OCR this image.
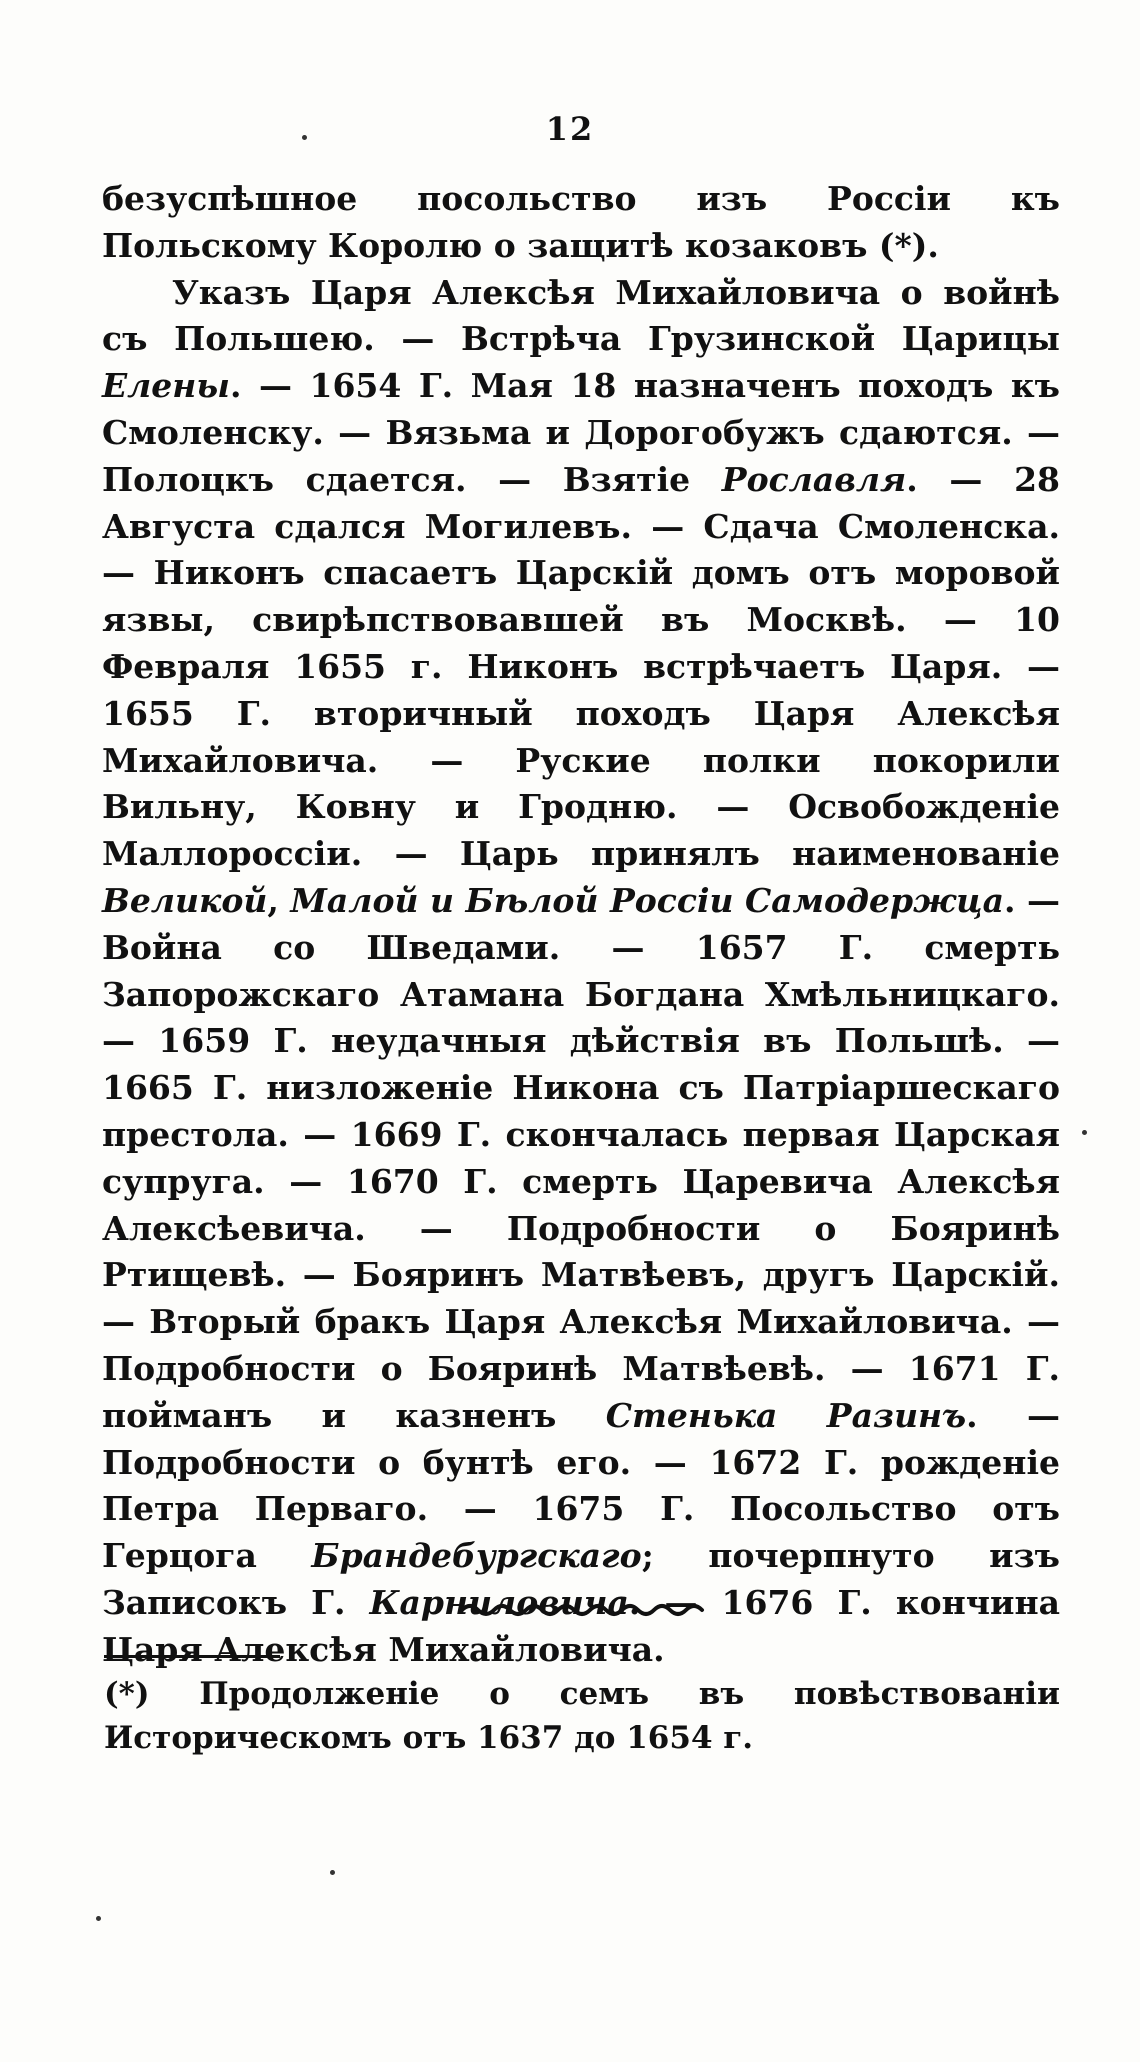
12

безуспѣшное посольство изъ Россіи къ Польскому Королю о защитѣ козаковъ (*).

Указъ Царя Алексѣя Михайловича о войнѣ съ Польшею. — Встрѣча Грузинской Царицы Елены. — 1654 Г. Мая 18 назначенъ походъ къ Смоленску. — Вязьма и Дорогобужъ сдаются. — Полоцкъ сдается. — Взятіе Рославля. — 28 Августа сдался Могилевъ. — Сдача Смоленска. — Никонъ спасаетъ Царскій домъ отъ моровой язвы, свирѣпствовавшей въ Москвѣ. — 10 Февраля 1655 г. Никонъ встрѣчаетъ Царя. — 1655 Г. вторичный походъ Царя Алексѣя Михайловича. — Руские полки покорили Вильну, Ковну и Гродню. — Освобожденіе Маллороссіи. — Царь принялъ наименованіе Великой, Малой и Бѣлой Россіи Самодержца. — Война со Шведами. — 1657 Г. смерть Запорожскаго Атамана Богдана Хмѣльницкаго. — 1659 Г. неудачныя дѣйствія въ Польшѣ. — 1665 Г. низложеніе Никона съ Патріаршескаго престола. — 1669 Г. скончалась первая Царская супруга. — 1670 Г. смерть Царевича Алексѣя Алексѣевича. — Подробности о Бояринѣ Ртищевѣ. — Бояринъ Матвѣевъ, другъ Царскій. — Вторый бракъ Царя Алексѣя Михайловича. — Подробности о Бояринѣ Матвѣевѣ. — 1671 Г. пойманъ и казненъ Стенька Разинъ. — Подробности о бунтѣ его. — 1672 Г. рожденіе Петра Перваго. — 1675 Г. Посольство отъ Герцога Брандебургскаго; почерпнуто изъ Записокъ Г. Карниловича. — 1676 Г. кончина Царя Алексѣя Михайловича.

(*) Продолженіе о семъ въ повѣствованіи Историческомъ отъ 1637 до 1654 г.
